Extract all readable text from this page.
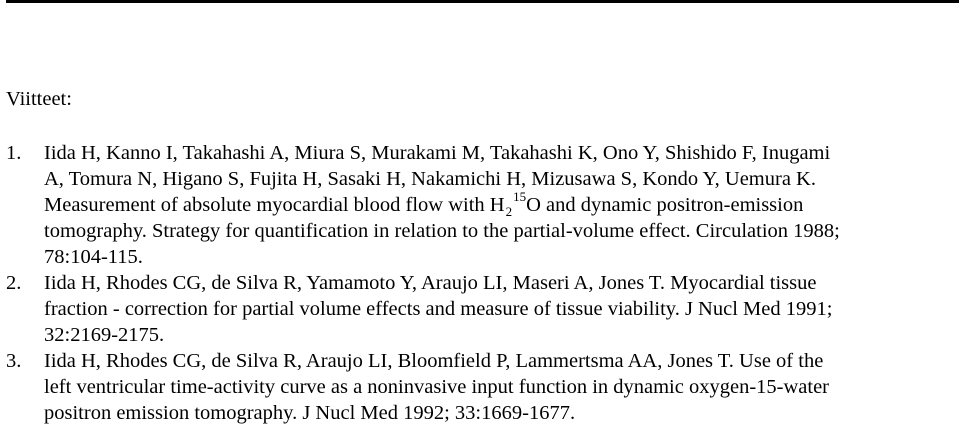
Viitteet:
1. Iida H, Kanno I, Takahashi A, Miura S, Murakami M, Takahashi K, Ono Y, Shishido F, Inugami
A, Tomura N, Higano S, Fujita H, Sasaki H, Nakamichi H, Mizusawa S, Kondo Y, Uemura K.
Measurement of absolute myocardial blood flow with $H_2^{15}O$ and dynamic positron-emission
tomography. Strategy for quantification in relation to the partial-volume effect. Circulation 1988;
78:104-115.
2. Iida H, Rhodes CG, de Silva R, Yamamoto Y, Araujo LI, Maseri A, Jones T. Myocardial tissue
fraction - correction for partial volume effects and measure of tissue viability. J Nucl Med 1991;
32:2169-2175.
3. Iida H, Rhodes CG, de Silva R, Araujo LI, Bloomfield P, Lammertsma AA, Jones T. Use of the
left ventricular time-activity curve as a noninvasive input function in dynamic oxygen-15-water
positron emission tomography. J Nucl Med 1992; 33:1669-1677.
